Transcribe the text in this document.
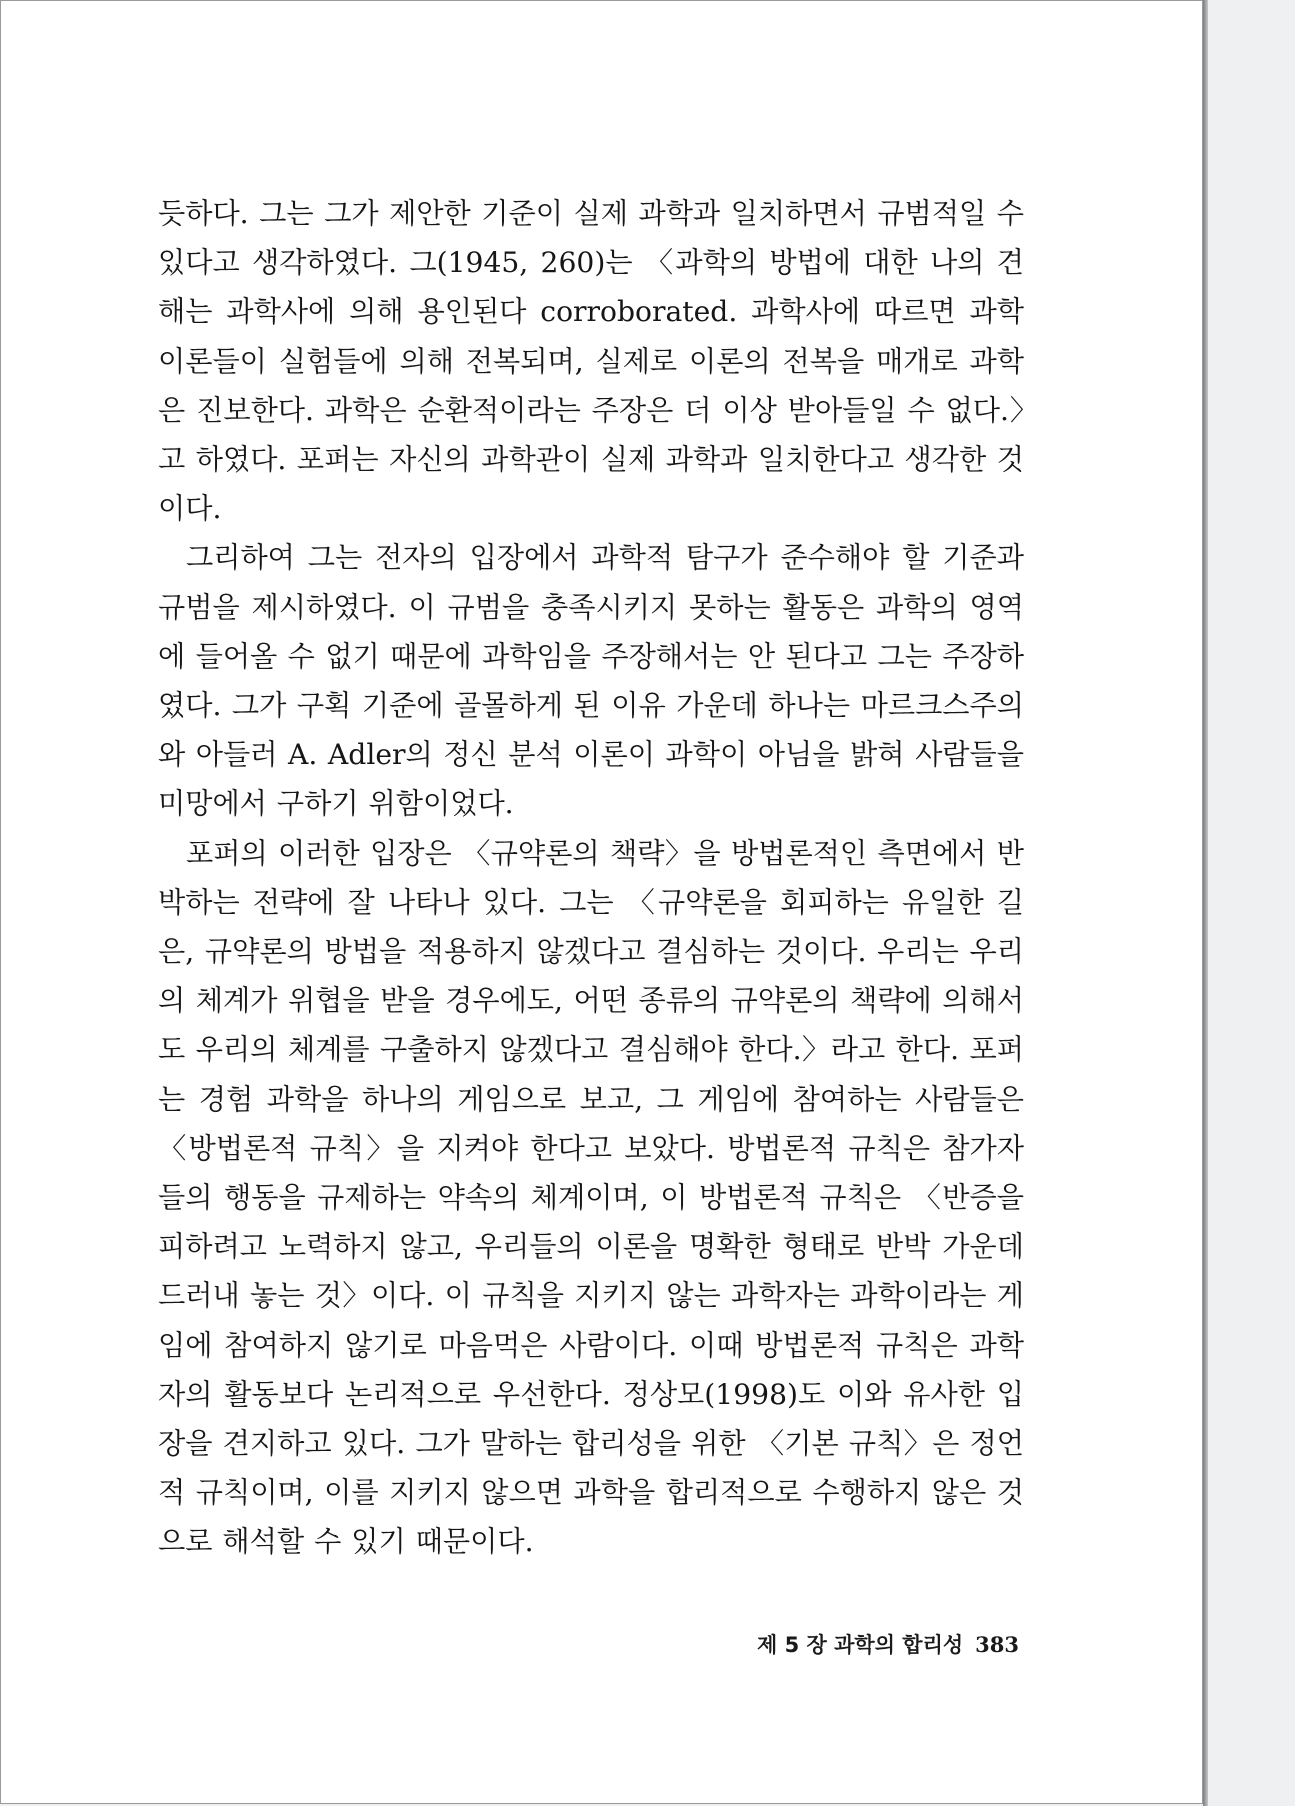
듯하다. 그는 그가 제안한 기준이 실제 과학과 일치하면서 규범적일 수 있다고 생각하였다. 그(1945, 260)는 〈과학의 방법에 대한 나의 견해는 과학사에 의해 용인된다 corroborated. 과학사에 따르면 과학 이론들이 실험들에 의해 전복되며, 실제로 이론의 전복을 매개로 과학은 진보한다. 과학은 순환적이라는 주장은 더 이상 받아들일 수 없다.〉고 하였다. 포퍼는 자신의 과학관이 실제 과학과 일치한다고 생각한 것이다.

그리하여 그는 전자의 입장에서 과학적 탐구가 준수해야 할 기준과 규범을 제시하였다. 이 규범을 충족시키지 못하는 활동은 과학의 영역에 들어올 수 없기 때문에 과학임을 주장해서는 안 된다고 그는 주장하였다. 그가 구획 기준에 골몰하게 된 이유 가운데 하나는 마르크스주의와 아들러 A. Adler의 정신 분석 이론이 과학이 아님을 밝혀 사람들을 미망에서 구하기 위함이었다.

포퍼의 이러한 입장은 〈규약론의 책략〉을 방법론적인 측면에서 반박하는 전략에 잘 나타나 있다. 그는 〈규약론을 회피하는 유일한 길은, 규약론의 방법을 적용하지 않겠다고 결심하는 것이다. 우리는 우리의 체계가 위협을 받을 경우에도, 어떤 종류의 규약론의 책략에 의해서도 우리의 체계를 구출하지 않겠다고 결심해야 한다.〉라고 한다. 포퍼는 경험 과학을 하나의 게임으로 보고, 그 게임에 참여하는 사람들은 〈방법론적 규칙〉을 지켜야 한다고 보았다. 방법론적 규칙은 참가자들의 행동을 규제하는 약속의 체계이며, 이 방법론적 규칙은 〈반증을 피하려고 노력하지 않고, 우리들의 이론을 명확한 형태로 반박 가운데 드러내 놓는 것〉이다. 이 규칙을 지키지 않는 과학자는 과학이라는 게임에 참여하지 않기로 마음먹은 사람이다. 이때 방법론적 규칙은 과학자의 활동보다 논리적으로 우선한다. 정상모(1998)도 이와 유사한 입장을 견지하고 있다. 그가 말하는 합리성을 위한 〈기본 규칙〉은 정언적 규칙이며, 이를 지키지 않으면 과학을 합리적으로 수행하지 않은 것으로 해석할 수 있기 때문이다.

제 5 장 과학의 합리성 383
